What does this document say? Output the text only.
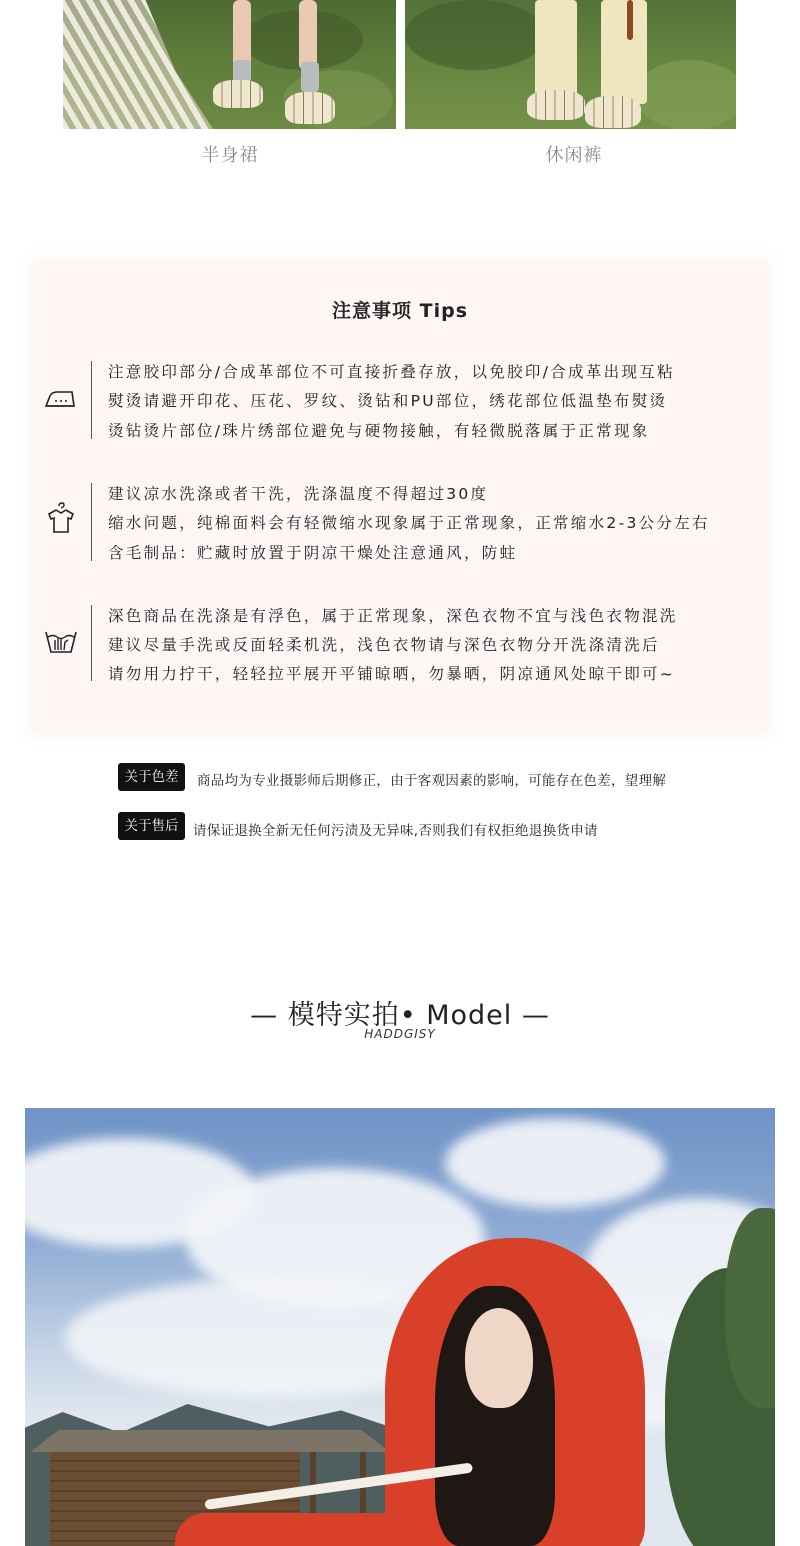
半身裙	休闲裤
注意事项 Tips
注意胶印部分/合成革部位不可直接折叠存放，以免胶印/合成革出现互粘
熨烫请避开印花、压花、罗纹、烫钻和PU部位，绣花部位低温垫布熨烫
烫钻烫片部位/珠片绣部位避免与硬物接触，有轻微脱落属于正常现象
建议凉水洗涤或者干洗，洗涤温度不得超过30度
缩水问题，纯棉面料会有轻微缩水现象属于正常现象，正常缩水2-3公分左右
含毛制品：贮藏时放置于阴凉干燥处注意通风，防蛀
深色商品在洗涤是有浮色，属于正常现象，深色衣物不宜与浅色衣物混洗
建议尽量手洗或反面轻柔机洗，浅色衣物请与深色衣物分开洗涤清洗后
请勿用力拧干，轻轻拉平展开平铺晾晒，勿暴晒，阴凉通风处晾干即可~
关于色差	商品均为专业摄影师后期修正，由于客观因素的影响，可能存在色差，望理解
关于售后	请保证退换全新无任何污渍及无异味,否则我们有权拒绝退换货申请
— 模特实拍• Model —
HADDGISY
